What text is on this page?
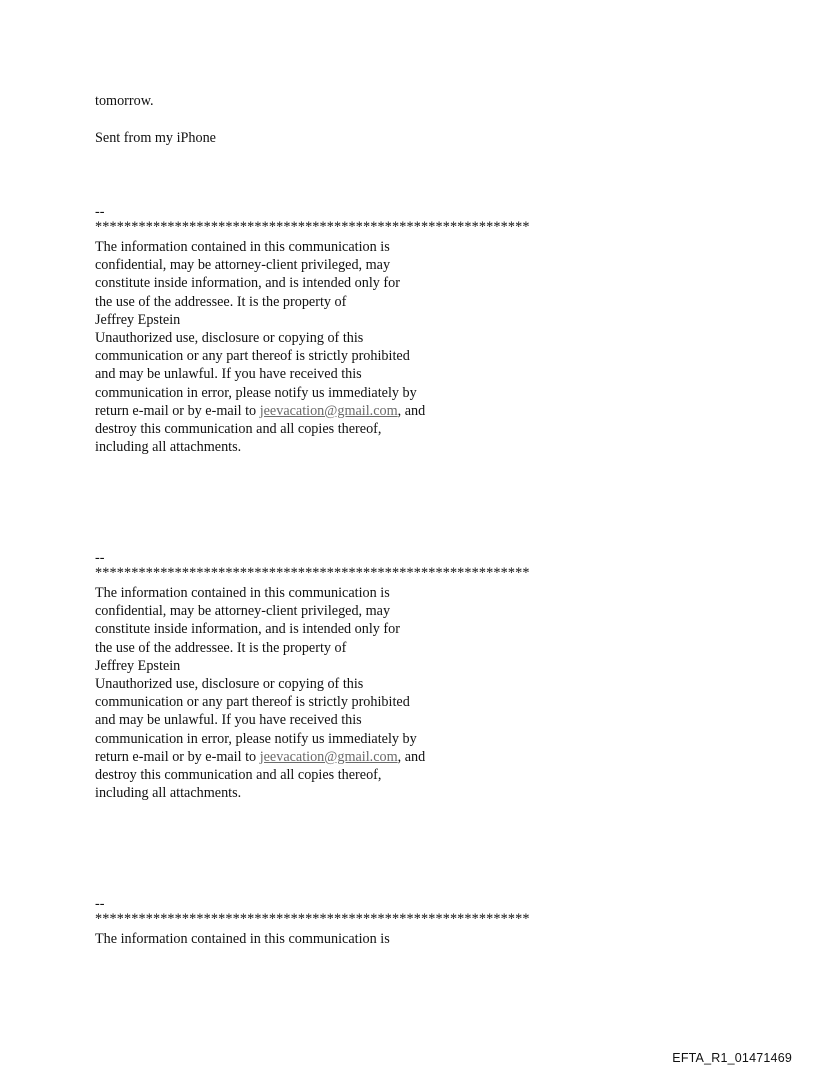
tomorrow.

Sent from my iPhone

--

************************************************************

The information contained in this communication is

confidential, may be attorney-client privileged, may

constitute inside information, and is intended only for

the use of the addressee. It is the property of

Jeffrey Epstein

Unauthorized use, disclosure or copying of this

communication or any part thereof is strictly prohibited

and may be unlawful. If you have received this

communication in error, please notify us immediately by

return e-mail or by e-mail to jeevacation@gmail.com, and

destroy this communication and all copies thereof,

including all attachments.

--

************************************************************

The information contained in this communication is

confidential, may be attorney-client privileged, may

constitute inside information, and is intended only for

the use of the addressee. It is the property of

Jeffrey Epstein

Unauthorized use, disclosure or copying of this

communication or any part thereof is strictly prohibited

and may be unlawful. If you have received this

communication in error, please notify us immediately by

return e-mail or by e-mail to jeevacation@gmail.com, and

destroy this communication and all copies thereof,

including all attachments.

--

************************************************************

The information contained in this communication is

EFTA_R1_01471469
